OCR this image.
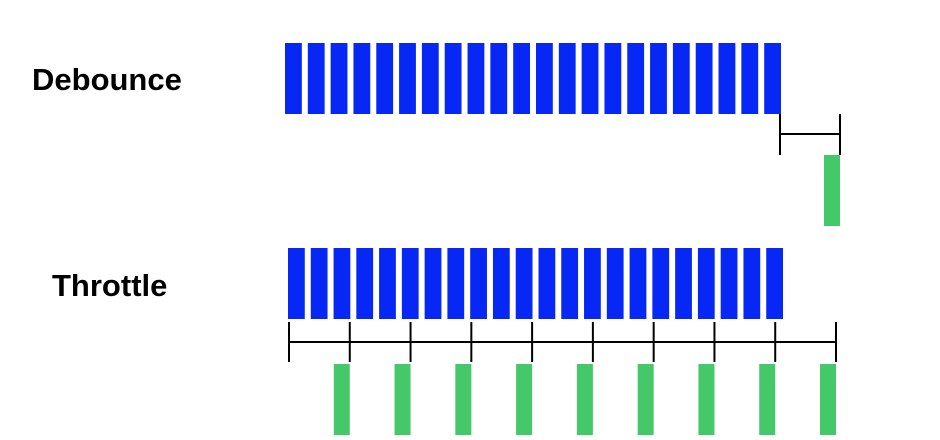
Debounce
Throttle
